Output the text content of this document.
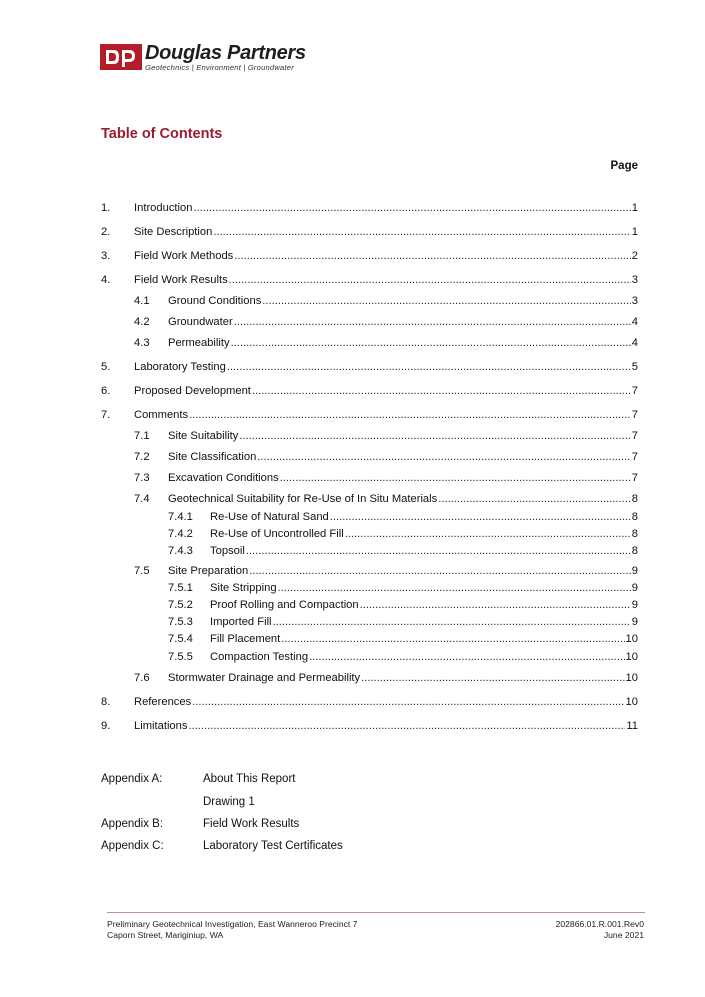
Douglas Partners
Geotechnics | Environment | Groundwater
Table of Contents
Page
1.	Introduction .....	1
2.	Site Description .....	1
3.	Field Work Methods .....	2
4.	Field Work Results .....	3
4.1	Ground Conditions .....	3
4.2	Groundwater .....	4
4.3	Permeability .....	4
5.	Laboratory Testing .....	5
6.	Proposed Development .....	7
7.	Comments .....	7
7.1	Site Suitability .....	7
7.2	Site Classification .....	7
7.3	Excavation Conditions .....	7
7.4	Geotechnical Suitability for Re-Use of In Situ Materials .....	8
7.4.1	Re-Use of Natural Sand .....	8
7.4.2	Re-Use of Uncontrolled Fill .....	8
7.4.3	Topsoil .....	8
7.5	Site Preparation .....	9
7.5.1	Site Stripping .....	9
7.5.2	Proof Rolling and Compaction .....	9
7.5.3	Imported Fill .....	9
7.5.4	Fill Placement .....	10
7.5.5	Compaction Testing .....	10
7.6	Stormwater Drainage and Permeability .....	10
8.	References .....	10
9.	Limitations .....	11
Appendix A:	About This Report
Drawing 1
Appendix B:	Field Work Results
Appendix C:	Laboratory Test Certificates
Preliminary Geotechnical Investigation, East Wanneroo Precinct 7
Caporn Street, Mariginiup, WA
202866.01.R.001.Rev0
June 2021
